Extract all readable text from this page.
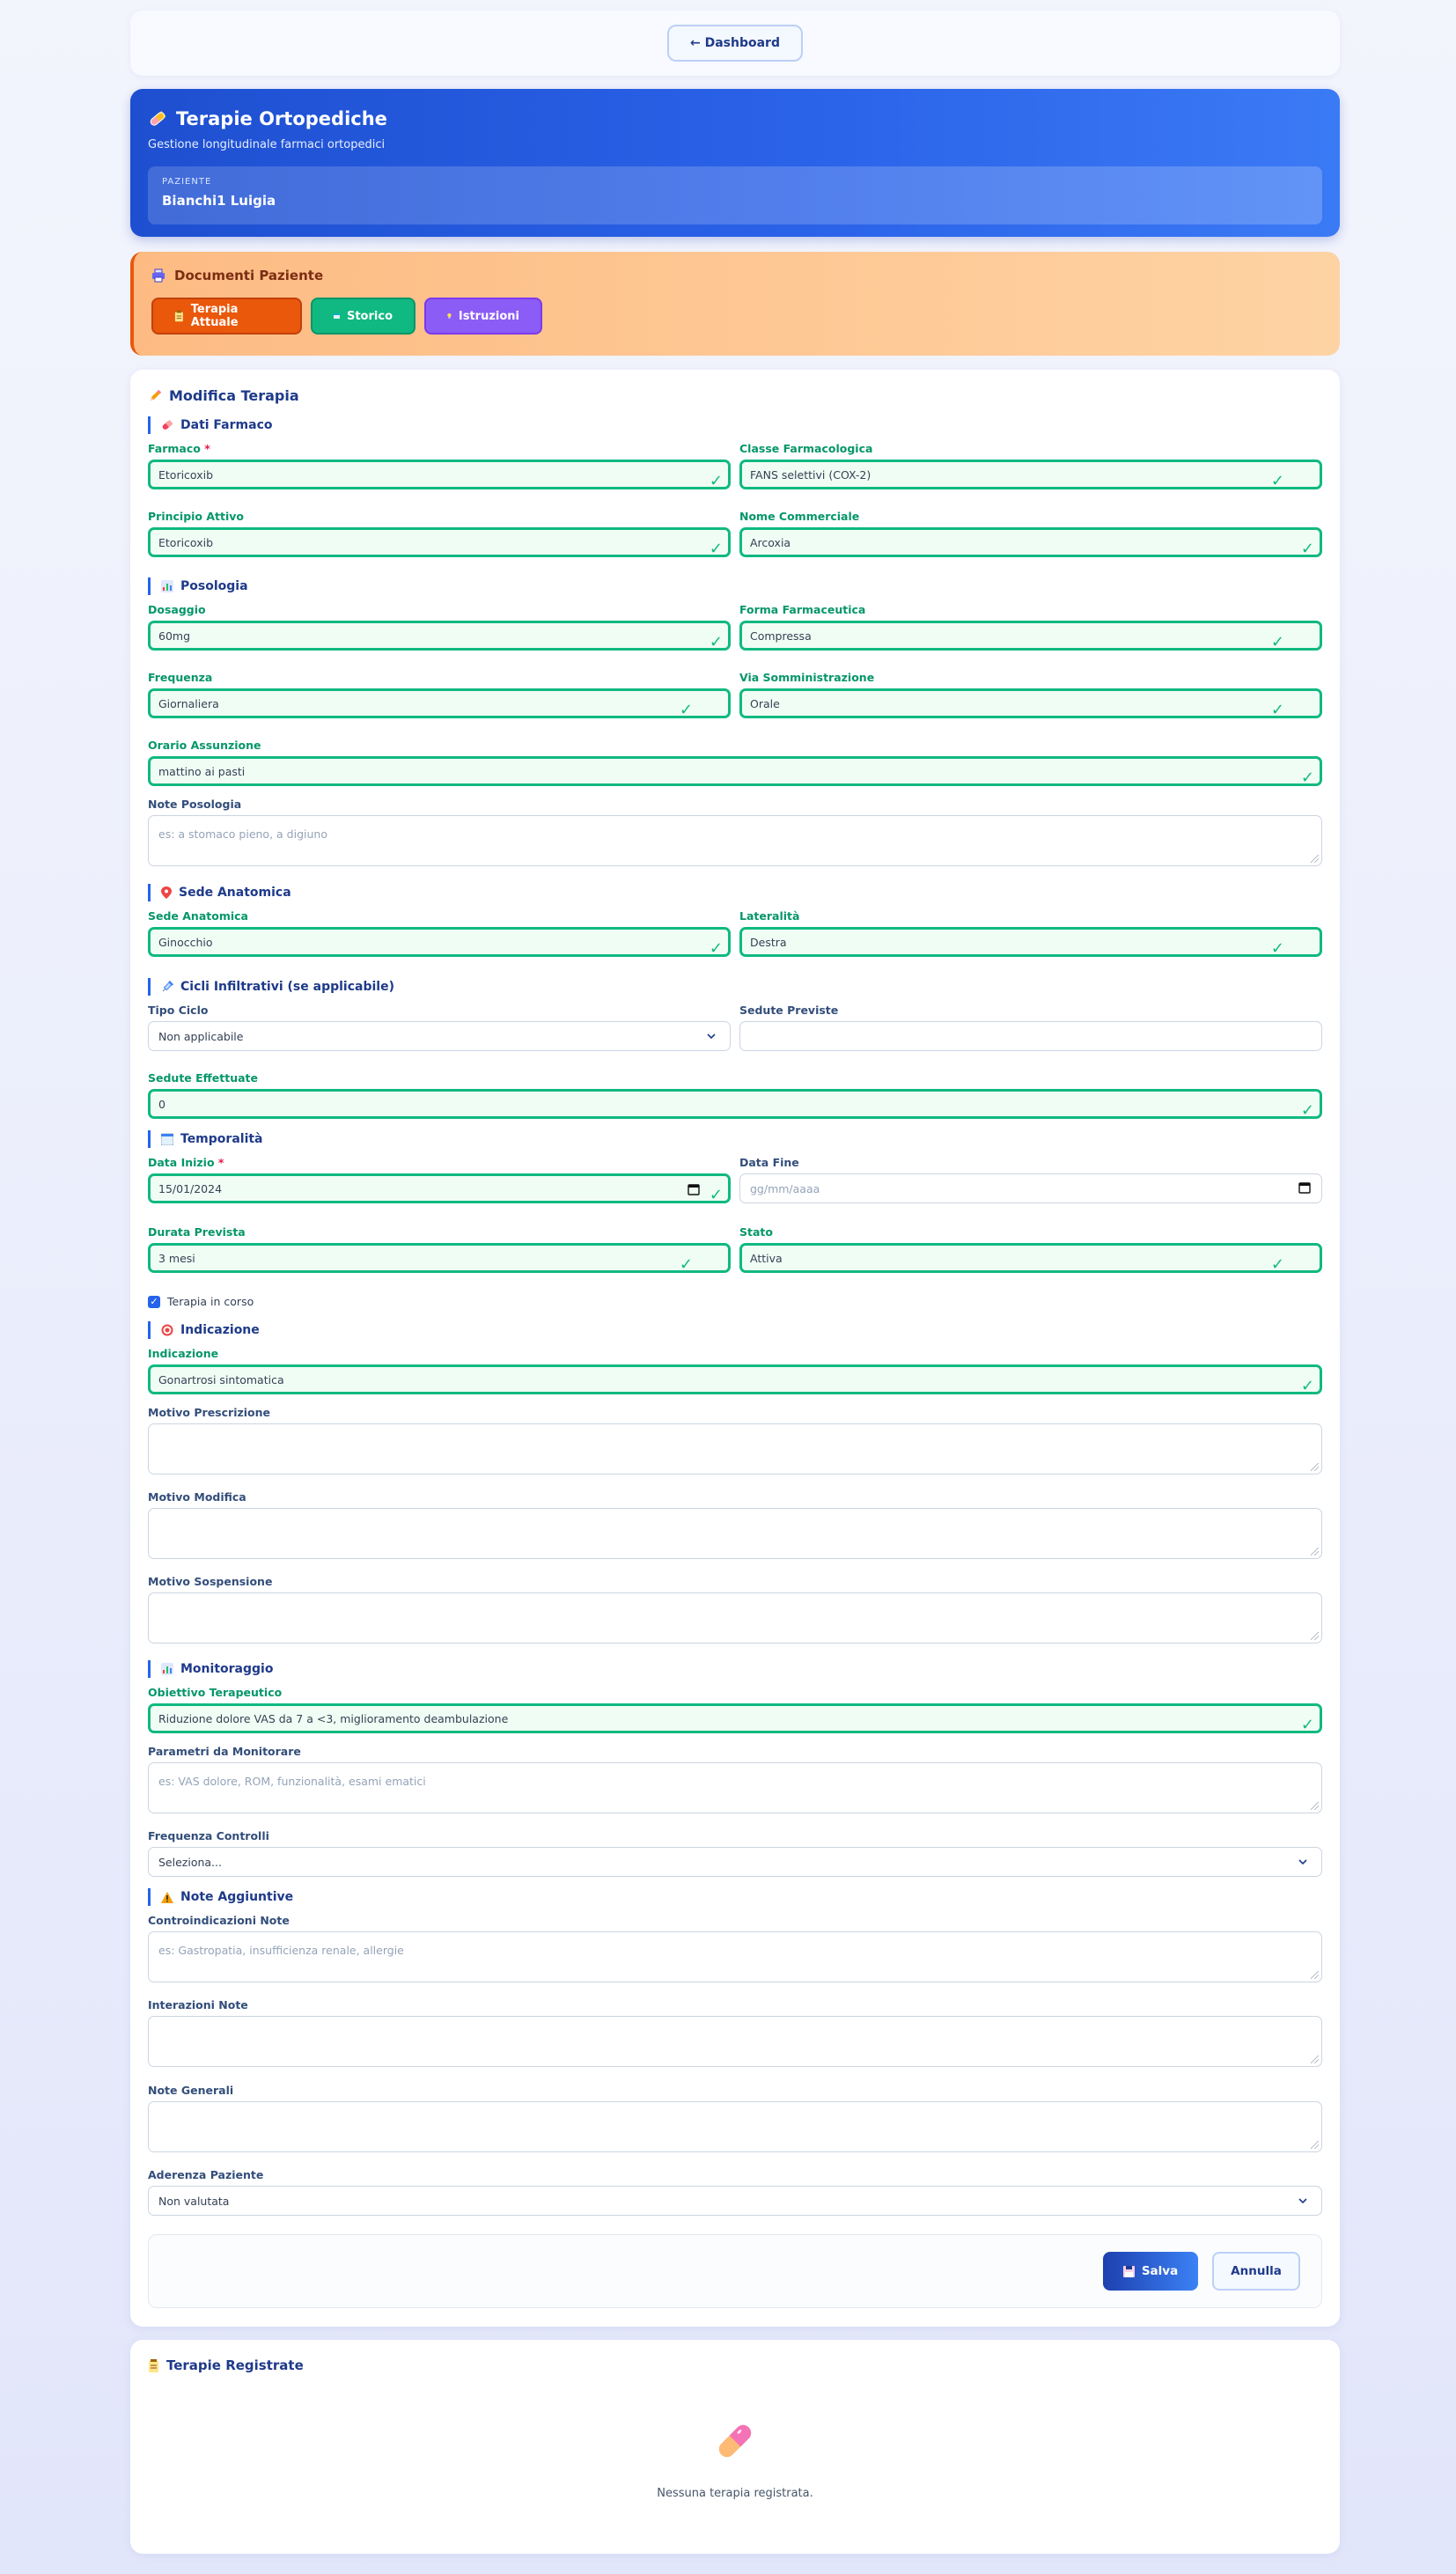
← Dashboard
Terapie Ortopediche
Gestione longitudinale farmaci ortopedici
PAZIENTE
Bianchi1 Luigia
Documenti Paziente
Terapia Attuale	Storico	Istruzioni
Modifica Terapia
Dati Farmaco
Farmaco *
Etoricoxib	✓
Classe Farmacologica
FANS selettivi (COX-2)	✓
Principio Attivo
Etoricoxib	✓
Nome Commerciale
Arcoxia	✓
Posologia
Dosaggio
60mg	✓
Forma Farmaceutica
Compressa	✓
Frequenza
Giornaliera	✓
Via Somministrazione
Orale	✓
Orario Assunzione
mattino ai pasti	✓
Note Posologia
es: a stomaco pieno, a digiuno
Sede Anatomica
Sede Anatomica
Ginocchio	✓
Lateralità
Destra	✓
Cicli Infiltrativi (se applicabile)
Tipo Ciclo
Non applicabile
Sedute Previste
Sedute Effettuate
0	✓
Temporalità
Data Inizio *
15/01/2024	✓
Data Fine
gg/mm/aaaa
Durata Prevista
3 mesi	✓
Stato
Attiva	✓
✓ Terapia in corso
Indicazione
Indicazione
Gonartrosi sintomatica	✓
Motivo Prescrizione
Motivo Modifica
Motivo Sospensione
Monitoraggio
Obiettivo Terapeutico
Riduzione dolore VAS da 7 a <3, miglioramento deambulazione	✓
Parametri da Monitorare
es: VAS dolore, ROM, funzionalità, esami ematici
Frequenza Controlli
Seleziona...
Note Aggiuntive
Controindicazioni Note
es: Gastropatia, insufficienza renale, allergie
Interazioni Note
Note Generali
Aderenza Paziente
Non valutata
Salva	Annulla
Terapie Registrate
Nessuna terapia registrata.
